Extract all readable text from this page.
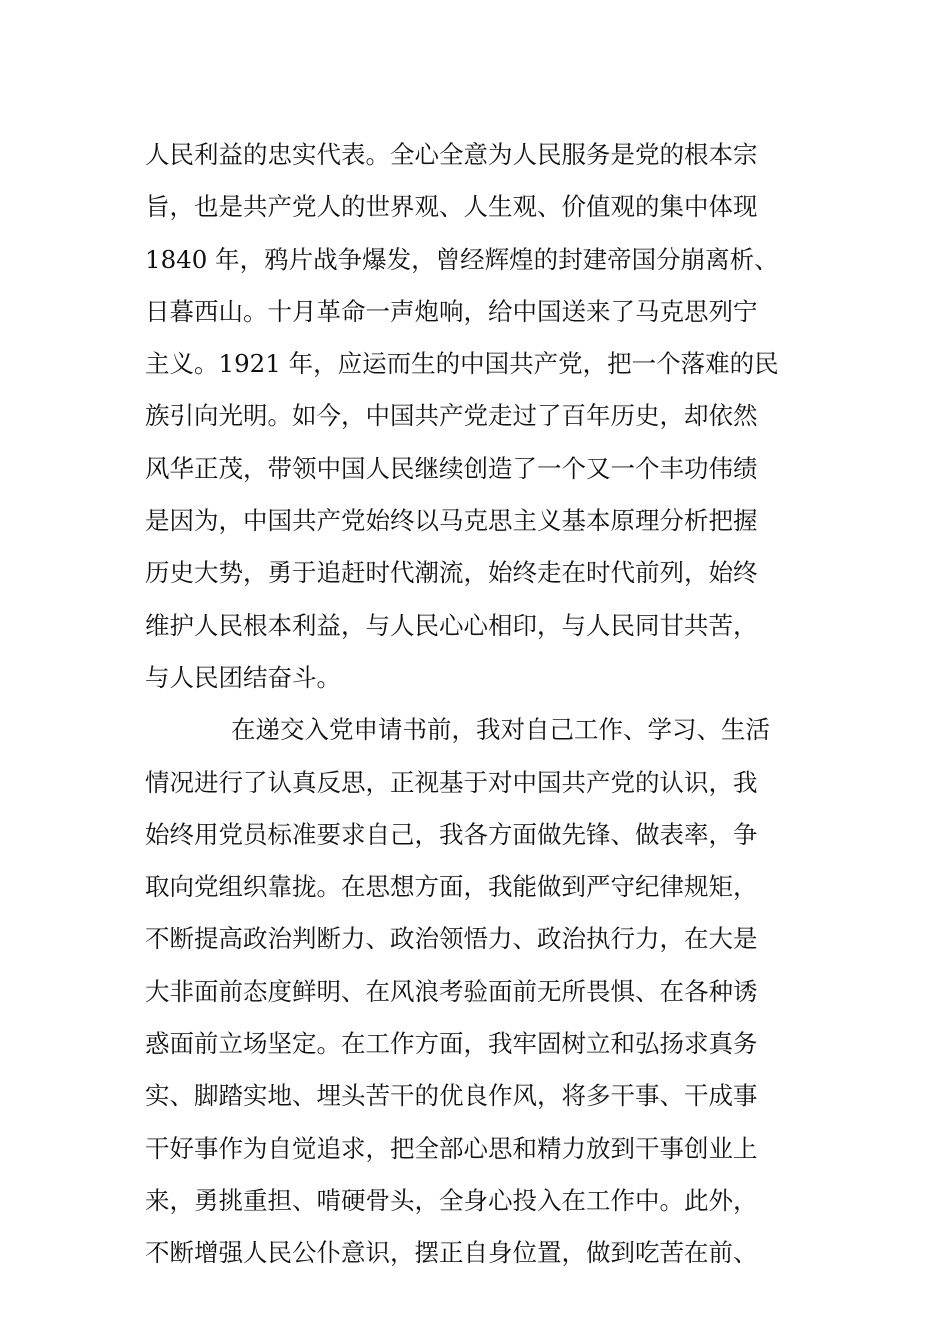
人民利益的忠实代表。全心全意为人民服务是党的根本宗
旨，也是共产党人的世界观、人生观、价值观的集中体现
1840 年，鸦片战争爆发，曾经辉煌的封建帝国分崩离析、
日暮西山。十月革命一声炮响，给中国送来了马克思列宁
主义。1921 年，应运而生的中国共产党，把一个落难的民
族引向光明。如今，中国共产党走过了百年历史，却依然
风华正茂，带领中国人民继续创造了一个又一个丰功伟绩
是因为，中国共产党始终以马克思主义基本原理分析把握
历史大势，勇于追赶时代潮流，始终走在时代前列，始终
维护人民根本利益，与人民心心相印，与人民同甘共苦，
与人民团结奋斗。
在递交入党申请书前，我对自己工作、学习、生活
情况进行了认真反思，正视基于对中国共产党的认识，我
始终用党员标准要求自己，我各方面做先锋、做表率，争
取向党组织靠拢。在思想方面，我能做到严守纪律规矩，
不断提高政治判断力、政治领悟力、政治执行力，在大是
大非面前态度鲜明、在风浪考验面前无所畏惧、在各种诱
惑面前立场坚定。在工作方面，我牢固树立和弘扬求真务
实、脚踏实地、埋头苦干的优良作风，将多干事、干成事
干好事作为自觉追求，把全部心思和精力放到干事创业上
来，勇挑重担、啃硬骨头，全身心投入在工作中。此外，
不断增强人民公仆意识，摆正自身位置，做到吃苦在前、
